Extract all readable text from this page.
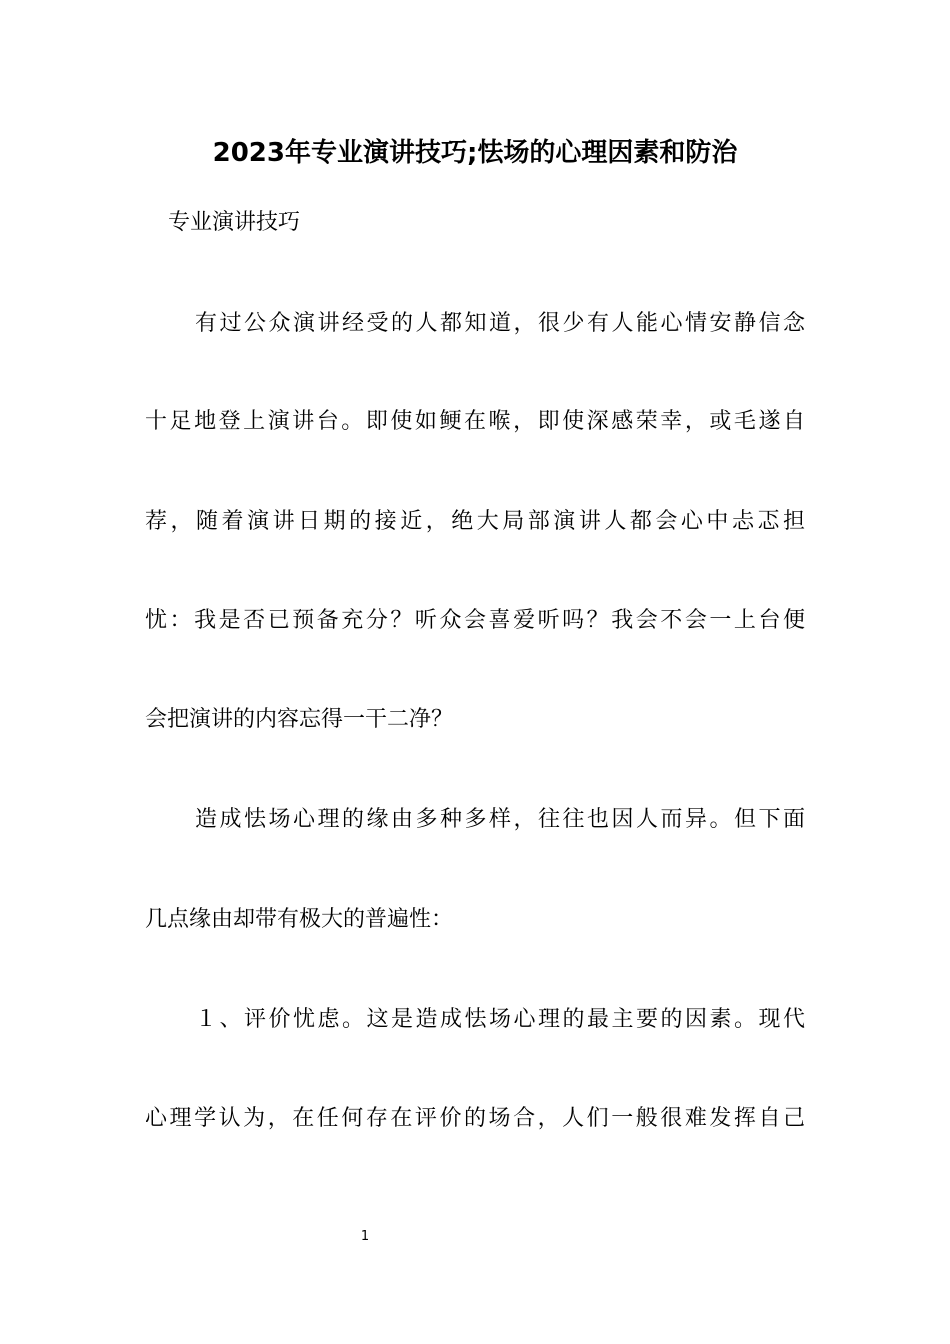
2023年专业演讲技巧;怯场的心理因素和防治
专业演讲技巧
有过公众演讲经受的人都知道，很少有人能心情安静信念
十足地登上演讲台。即使如鲠在喉，即使深感荣幸，或毛遂自
荐，随着演讲日期的接近，绝大局部演讲人都会心中忐忑担
忧：我是否已预备充分？听众会喜爱听吗？我会不会一上台便
会把演讲的内容忘得一干二净？
造成怯场心理的缘由多种多样，往往也因人而异。但下面
几点缘由却带有极大的普遍性：
１、评价忧虑。这是造成怯场心理的最主要的因素。现代
心理学认为，在任何存在评价的场合，人们一般很难发挥自己
1
